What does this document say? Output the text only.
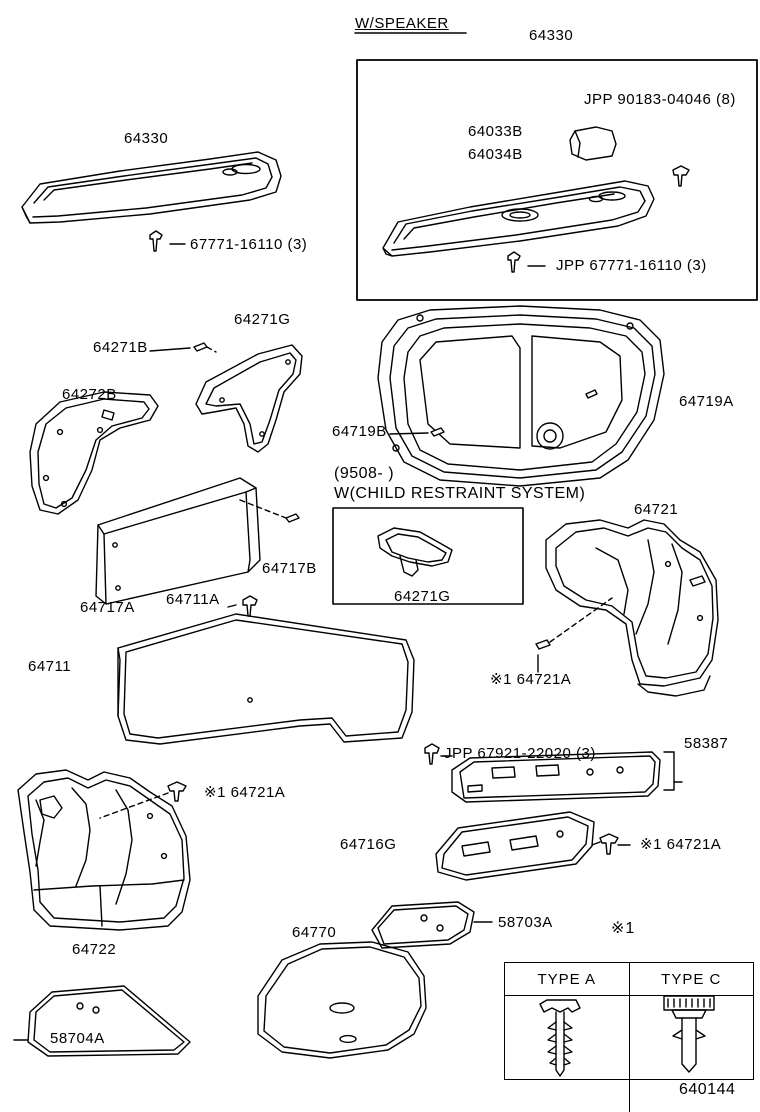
W/SPEAKER
64330
64330
67771-16110 (3)
JPP 90183-04046 (8)
64033B
64034B
JPP 67771-16110 (3)
64271B
64271G
64272B	64719A
64719B
64717B
64717A
(9508- )
W(CHILD RESTRAINT SYSTEM)
64271G
64721
64711A
64711
※1 64721A
JPP 67921-22020 (3)
58387
※1 64721A
64716G	※1 64721A
58703A
64770
64722
58704A
※1
TYPE A	TYPE C
640144
